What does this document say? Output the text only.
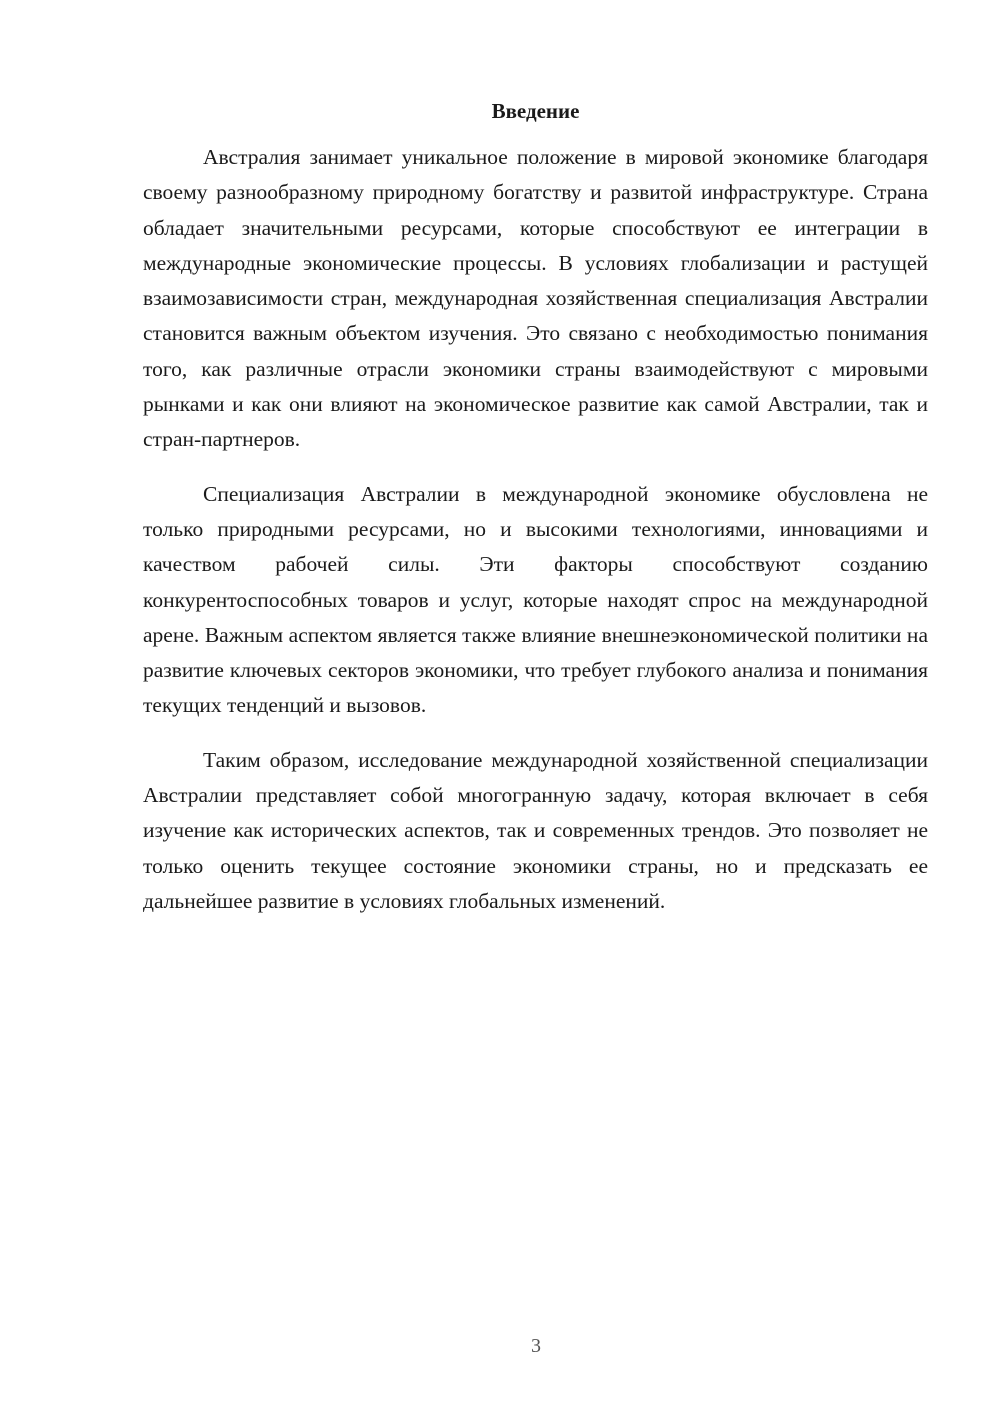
Введение

Австралия занимает уникальное положение в мировой экономике благодаря своему разнообразному природному богатству и развитой инфраструктуре. Страна обладает значительными ресурсами, которые способствуют ее интеграции в международные экономические процессы. В условиях глобализации и растущей взаимозависимости стран, международная хозяйственная специализация Австралии становится важным объектом изучения. Это связано с необходимостью понимания того, как различные отрасли экономики страны взаимодействуют с мировыми рынками и как они влияют на экономическое развитие как самой Австралии, так и стран-партнеров.

Специализация Австралии в международной экономике обусловлена не только природными ресурсами, но и высокими технологиями, инновациями и качеством рабочей силы. Эти факторы способствуют созданию конкурентоспособных товаров и услуг, которые находят спрос на международной арене. Важным аспектом является также влияние внешнеэкономической политики на развитие ключевых секторов экономики, что требует глубокого анализа и понимания текущих тенденций и вызовов.

Таким образом, исследование международной хозяйственной специализации Австралии представляет собой многогранную задачу, которая включает в себя изучение как исторических аспектов, так и современных трендов. Это позволяет не только оценить текущее состояние экономики страны, но и предсказать ее дальнейшее развитие в условиях глобальных изменений.

3
